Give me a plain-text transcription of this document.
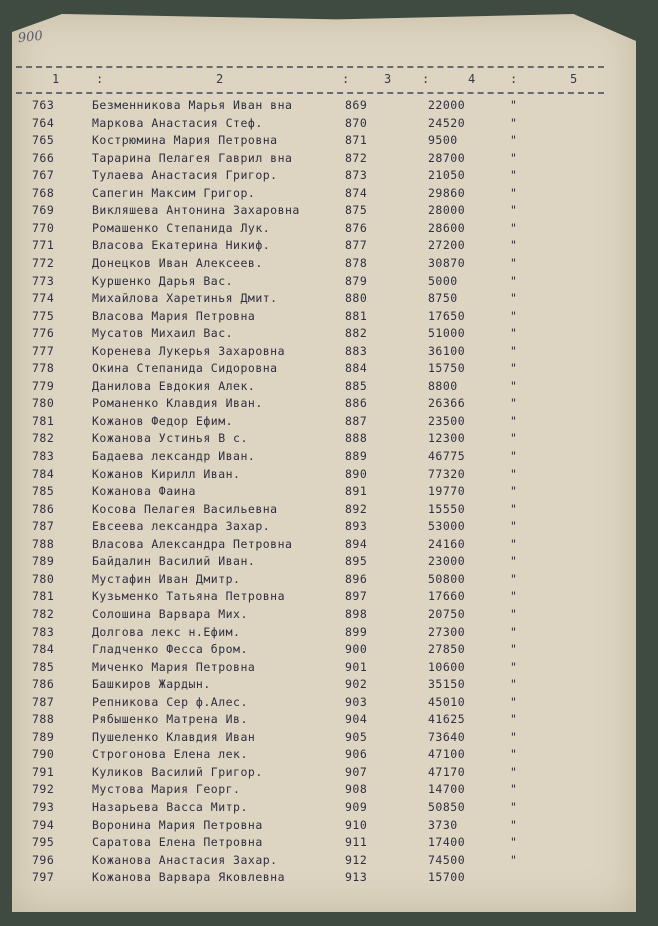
900
1	:	2	:	3	:	4	:	5
763	Безменникова Марья Иван вна	869	22000	"
764	Маркова Анастасия Стеф.	870	24520	"
765	Кострюмина Мария Петровна	871	9500	"
766	Тарарина Пелагея Гаврил вна	872	28700	"
767	Тулаева Анастасия Григор.	873	21050	"
768	Сапегин Максим Григор.	874	29860	"
769	Викляшева Антонина Захаровна	875	28000	"
770	Ромашенко Степанида Лук.	876	28600	"
771	Власова Екатерина Никиф.	877	27200	"
772	Донецков Иван Алексеев.	878	30870	"
773	Куршенко Дарья Вас.	879	5000	"
774	Михайлова Харетинья Дмит.	880	8750	"
775	Власова Мария Петровна	881	17650	"
776	Мусатов Михаил Вас.	882	51000	"
777	Коренева Лукерья Захаровна	883	36100	"
778	Окина Степанида Сидоровна	884	15750	"
779	Данилова Евдокия Алек.	885	8800	"
780	Романенко Клавдия Иван.	886	26366	"
781	Кожанов Федор Ефим.	887	23500	"
782	Кожанова Устинья В с.	888	12300	"
783	Бадаева лександр Иван.	889	46775	"
784	Кожанов Кирилл Иван.	890	77320	"
785	Кожанова Фаина	891	19770	"
786	Косова Пелагея Васильевна	892	15550	"
787	Евсеева лександра Захар.	893	53000	"
788	Власова Александра Петровна	894	24160	"
789	Байдалин Василий Иван.	895	23000	"
780	Мустафин Иван Дмитр.	896	50800	"
781	Кузьменко Татьяна Петровна	897	17660	"
782	Солошина Варвара Мих.	898	20750	"
783	Долгова лекс н.Ефим.	899	27300	"
784	Гладченко Фесса бром.	900	27850	"
785	Миченко Мария Петровна	901	10600	"
786	Башкиров Жардын.	902	35150	"
787	Репникова Сер ф.Алес.	903	45010	"
788	Рябышенко Матрена Ив.	904	41625	"
789	Пушеленко Клавдия Иван	905	73640	"
790	Строгонова Елена лек.	906	47100	"
791	Куликов Василий Григор.	907	47170	"
792	Мустова Мария Георг.	908	14700	"
793	Назарьева Васса Митр.	909	50850	"
794	Воронина Мария Петровна	910	3730	"
795	Саратова Елена Петровна	911	17400	"
796	Кожанова Анастасия Захар.	912	74500	"
797	Кожанова Варвара Яковлевна	913	15700
